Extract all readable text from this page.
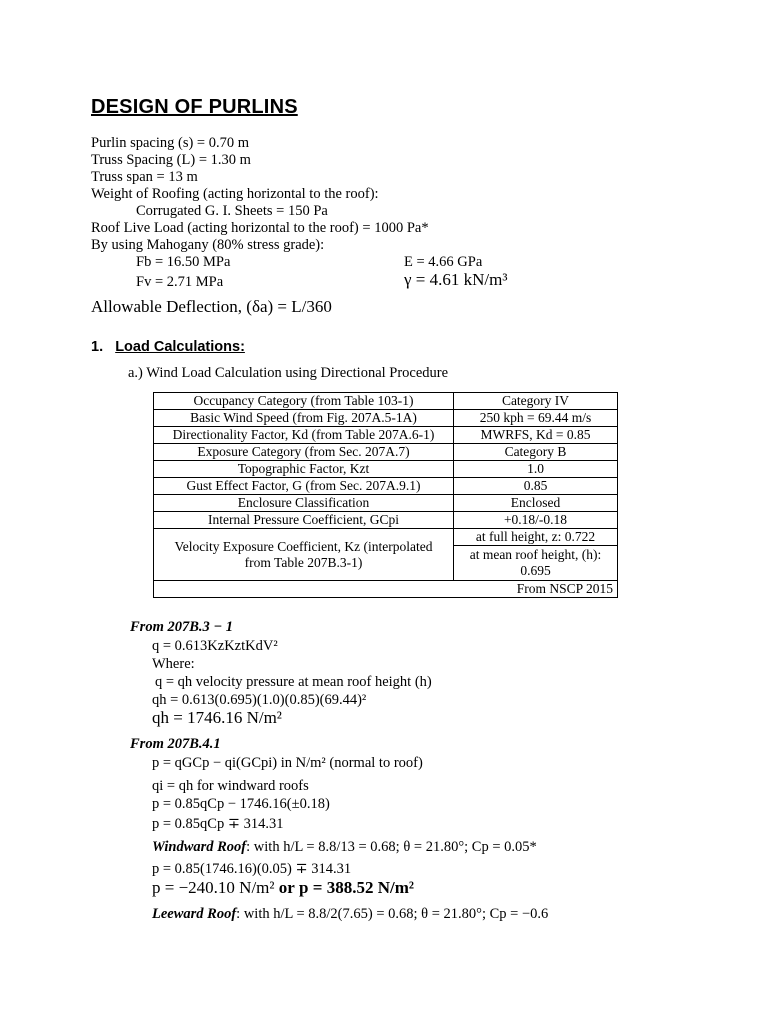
DESIGN OF PURLINS
Purlin spacing (s) = 0.70 m
Truss Spacing (L) = 1.30 m
Truss span = 13 m
Weight of Roofing (acting horizontal to the roof):
Corrugated G. I. Sheets = 150 Pa
Roof Live Load (acting horizontal to the roof) = 1000 Pa*
By using Mahogany (80% stress grade):
Fb = 16.50 MPa	E = 4.66 GPa
Fv = 2.71 MPa	γ = 4.61 kN/m³
Allowable Deflection, (δa) = L/360
1. Load Calculations:
a.) Wind Load Calculation using Directional Procedure
Occupancy Category (from Table 103-1)	Category IV
Basic Wind Speed (from Fig. 207A.5-1A)	250 kph = 69.44 m/s
Directionality Factor, Kd (from Table 207A.6-1)	MWRFS, Kd = 0.85
Exposure Category (from Sec. 207A.7)	Category B
Topographic Factor, Kzt	1.0
Gust Effect Factor, G (from Sec. 207A.9.1)	0.85
Enclosure Classification	Enclosed
Internal Pressure Coefficient, GCpi	+0.18/-0.18
Velocity Exposure Coefficient, Kz (interpolated from Table 207B.3-1)	at full height, z: 0.722
	at mean roof height, (h): 0.695
From NSCP 2015	
From 207B.3 − 1
q = 0.613KzKztKdV²
Where:
q = qh velocity pressure at mean roof height (h)
qh = 0.613(0.695)(1.0)(0.85)(69.44)²
qh = 1746.16 N/m²
From 207B.4.1
p = qGCp − qi(GCpi) in N/m² (normal to roof)
qi = qh for windward roofs
p = 0.85qCp − 1746.16(±0.18)
p = 0.85qCp ∓ 314.31
Windward Roof: with h/L = 8.8/13 = 0.68; θ = 21.80°; Cp = 0.05*
p = 0.85(1746.16)(0.05) ∓ 314.31
p = −240.10 N/m² or p = 388.52 N/m²
Leeward Roof: with h/L = 8.8/2(7.65) = 0.68; θ = 21.80°; Cp = −0.6
